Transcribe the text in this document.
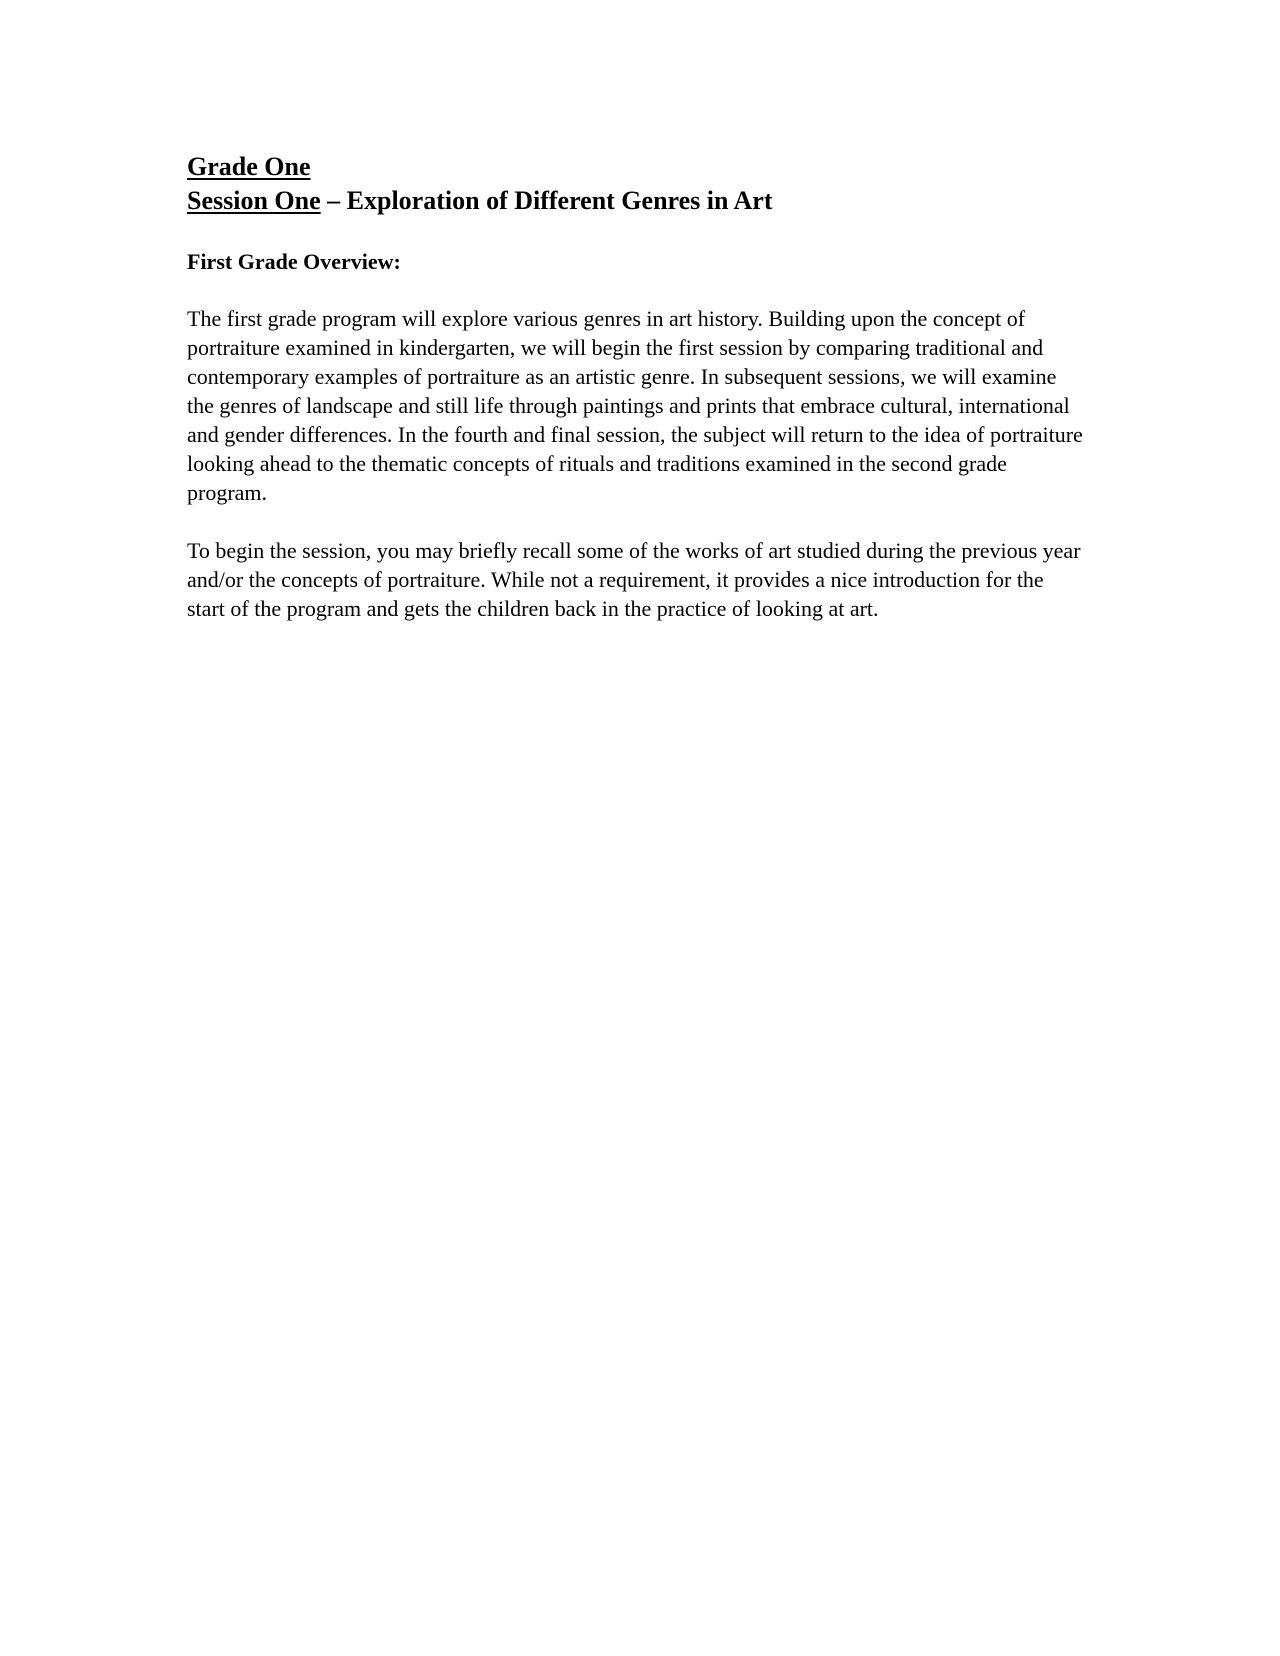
Grade One
Session One – Exploration of Different Genres in Art

First Grade Overview:

The first grade program will explore various genres in art history. Building upon the concept of portraiture examined in kindergarten, we will begin the first session by comparing traditional and contemporary examples of portraiture as an artistic genre. In subsequent sessions, we will examine the genres of landscape and still life through paintings and prints that embrace cultural, international and gender differences. In the fourth and final session, the subject will return to the idea of portraiture looking ahead to the thematic concepts of rituals and traditions examined in the second grade program.

To begin the session, you may briefly recall some of the works of art studied during the previous year and/or the concepts of portraiture. While not a requirement, it provides a nice introduction for the start of the program and gets the children back in the practice of looking at art.
